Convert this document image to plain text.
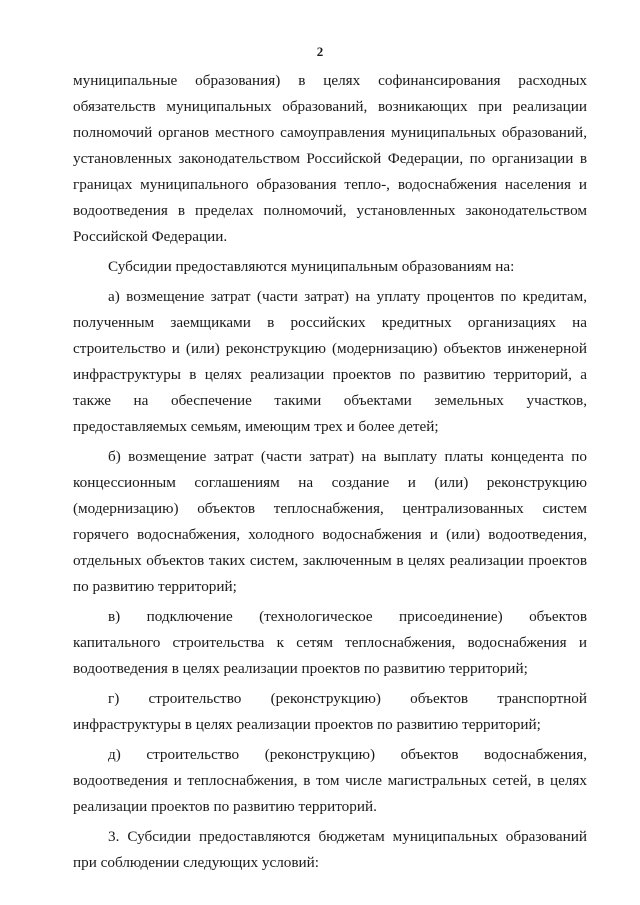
2

муниципальные образования) в целях софинансирования расходных обязательств муниципальных образований, возникающих при реализации полномочий органов местного самоуправления муниципальных образований, установленных законодательством Российской Федерации, по организации в границах муниципального образования тепло-, водоснабжения населения и водоотведения в пределах полномочий, установленных законодательством Российской Федерации.

Субсидии предоставляются муниципальным образованиям на:

а) возмещение затрат (части затрат) на уплату процентов по кредитам, полученным заемщиками в российских кредитных организациях на строительство и (или) реконструкцию (модернизацию) объектов инженерной инфраструктуры в целях реализации проектов по развитию территорий, а также на обеспечение такими объектами земельных участков, предоставляемых семьям, имеющим трех и более детей;

б) возмещение затрат (части затрат) на выплату платы концедента по концессионным соглашениям на создание и (или) реконструкцию (модернизацию) объектов теплоснабжения, централизованных систем горячего водоснабжения, холодного водоснабжения и (или) водоотведения, отдельных объектов таких систем, заключенным в целях реализации проектов по развитию территорий;

в) подключение (технологическое присоединение) объектов капитального строительства к сетям теплоснабжения, водоснабжения и водоотведения в целях реализации проектов по развитию территорий;

г) строительство (реконструкцию) объектов транспортной инфраструктуры в целях реализации проектов по развитию территорий;

д) строительство (реконструкцию) объектов водоснабжения, водоотведения и теплоснабжения, в том числе магистральных сетей, в целях реализации проектов по развитию территорий.

3. Субсидии предоставляются бюджетам муниципальных образований при соблюдении следующих условий:
